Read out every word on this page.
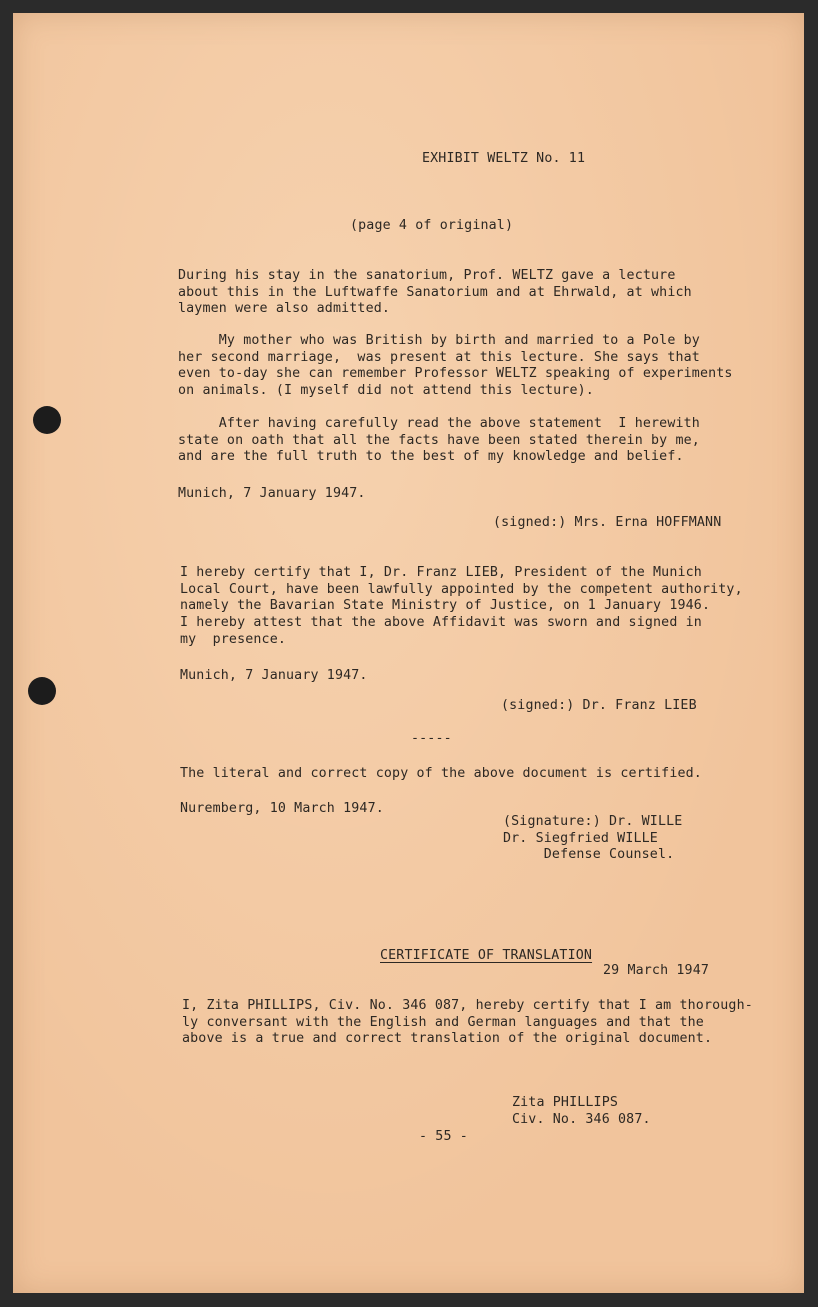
EXHIBIT WELTZ No. 11

(page 4 of original)

During his stay in the sanatorium, Prof. WELTZ gave a lecture
about this in the Luftwaffe Sanatorium and at Ehrwald, at which
laymen were also admitted.

My mother who was British by birth and married to a Pole by
her second marriage,  was present at this lecture. She says that
even to-day she can remember Professor WELTZ speaking of experiments
on animals. (I myself did not attend this lecture).

After having carefully read the above statement  I herewith
state on oath that all the facts have been stated therein by me,
and are the full truth to the best of my knowledge and belief.

Munich, 7 January 1947.

(signed:) Mrs. Erna HOFFMANN

I hereby certify that I, Dr. Franz LIEB, President of the Munich
Local Court, have been lawfully appointed by the competent authority,
namely the Bavarian State Ministry of Justice, on 1 January 1946.
I hereby attest that the above Affidavit was sworn and signed in
my  presence.

Munich, 7 January 1947.

(signed:) Dr. Franz LIEB

-----

The literal and correct copy of the above document is certified.

Nuremberg, 10 March 1947.

(Signature:) Dr. WILLE
Dr. Siegfried WILLE
Defense Counsel.

CERTIFICATE OF TRANSLATION

29 March 1947

I, Zita PHILLIPS, Civ. No. 346 087, hereby certify that I am thorough-
ly conversant with the English and German languages and that the
above is a true and correct translation of the original document.

Zita PHILLIPS
Civ. No. 346 087.

- 55 -
